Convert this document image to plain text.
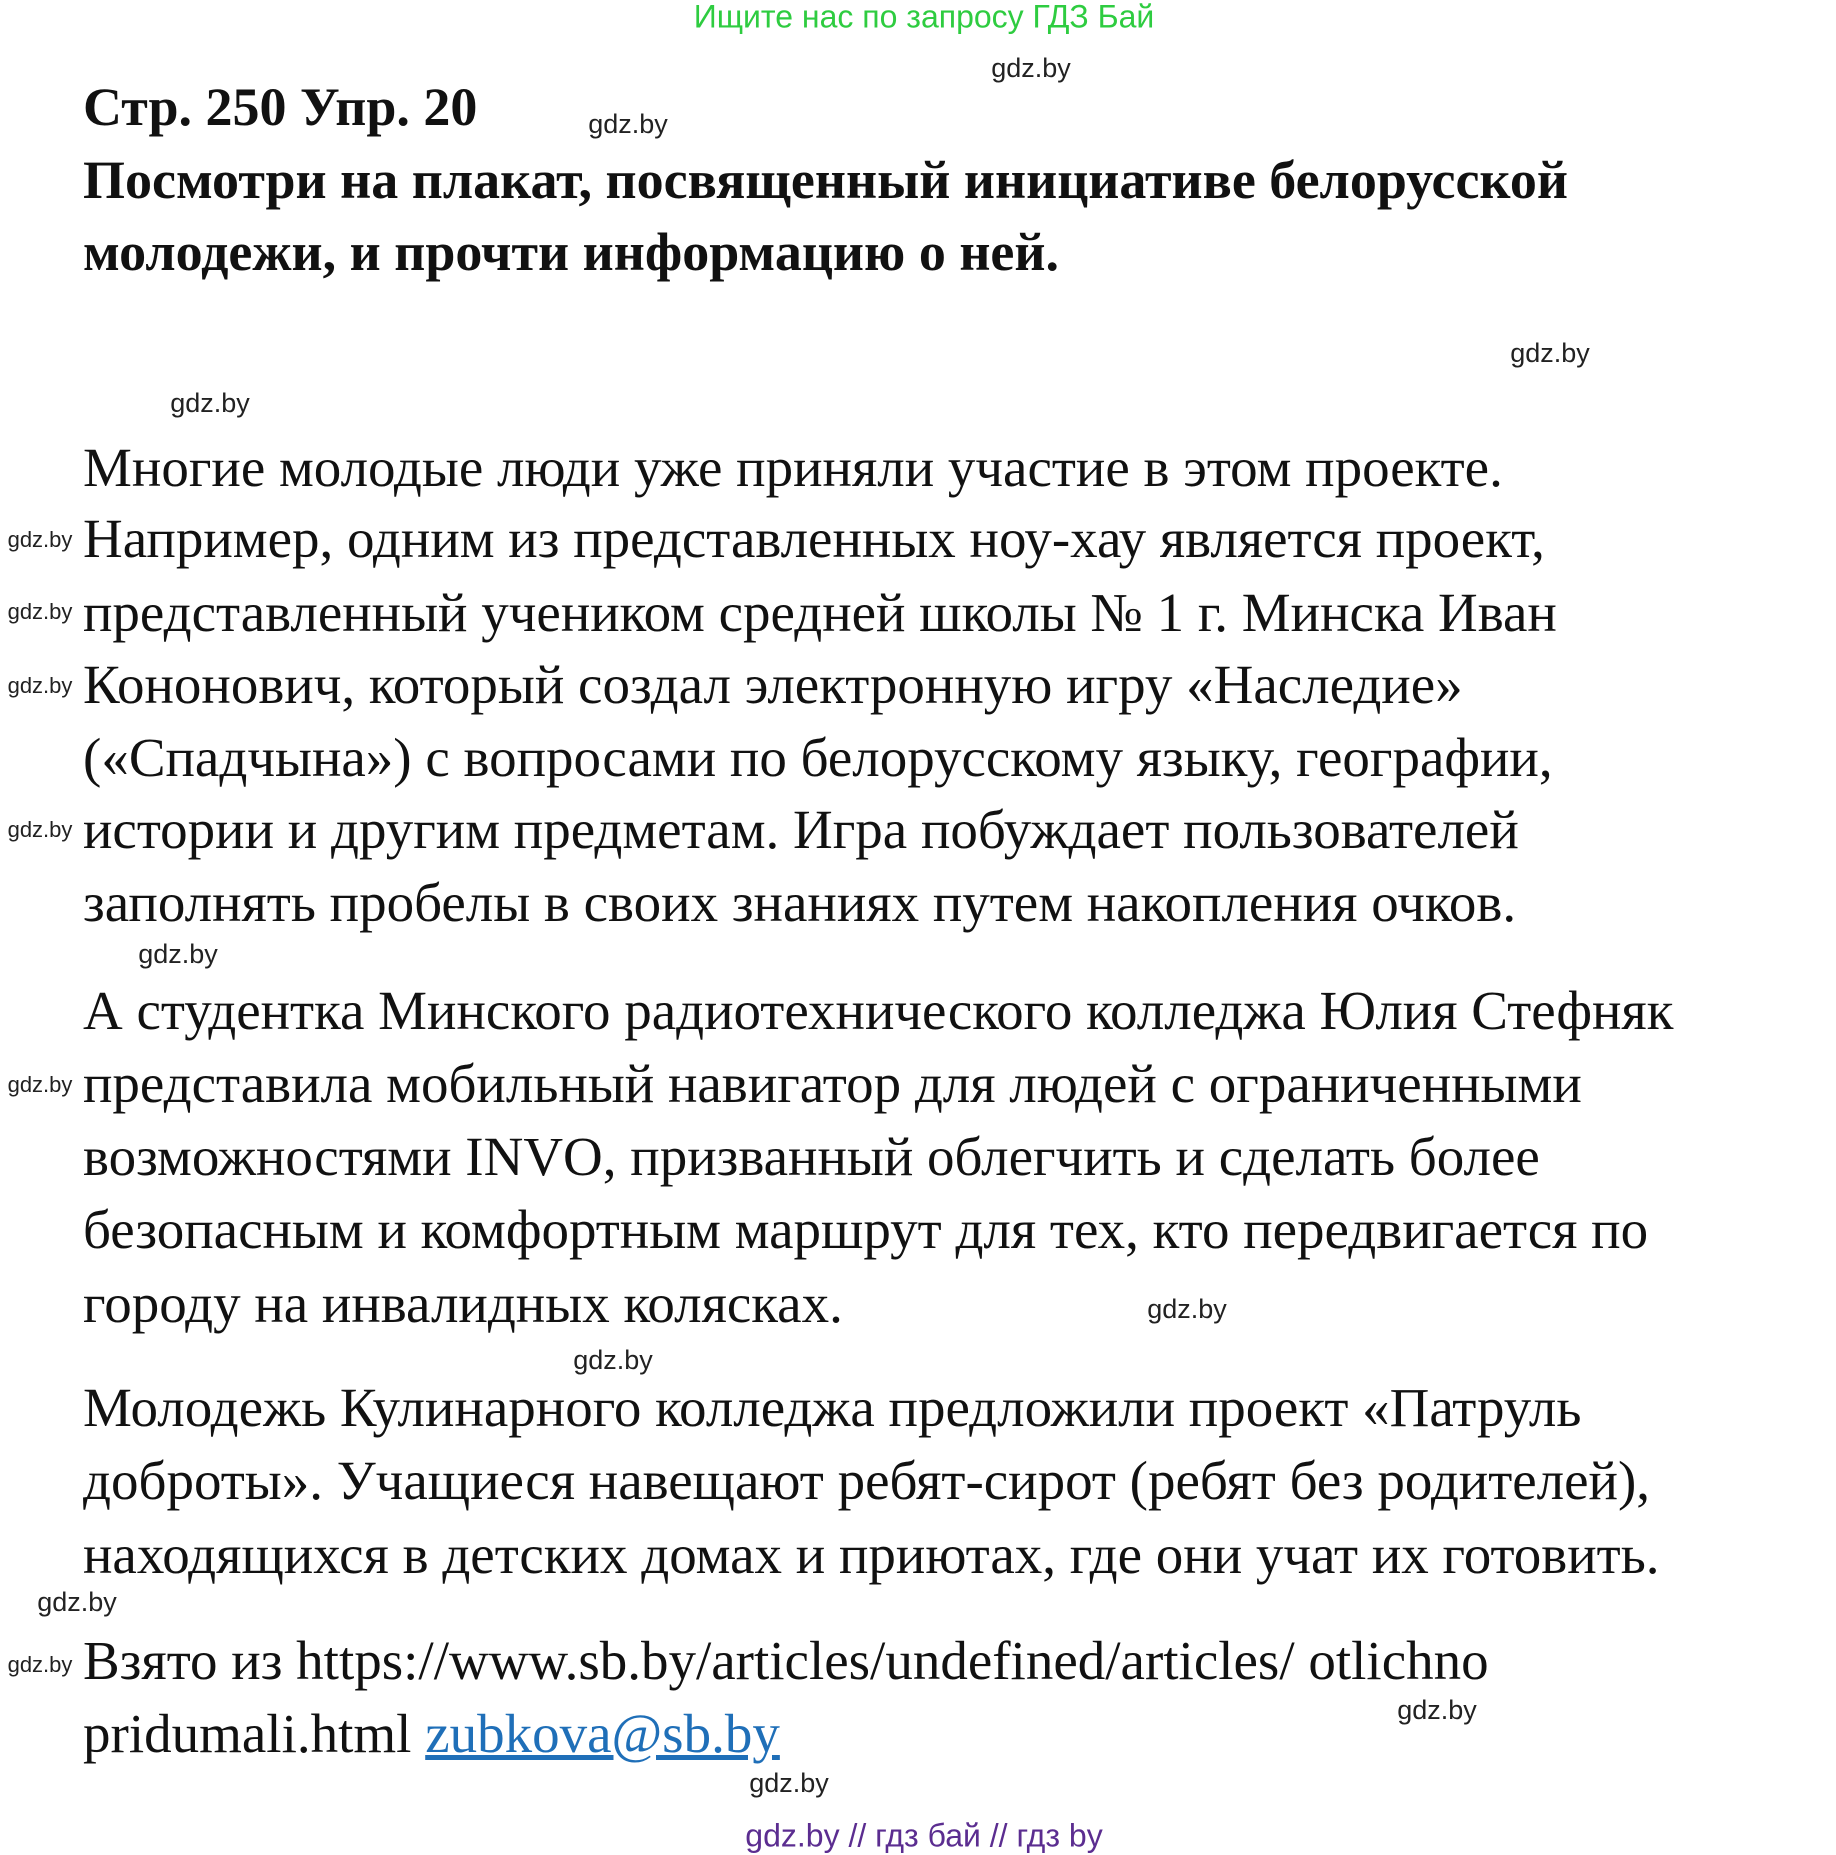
Ищите нас по запросу ГДЗ Бай
Стр. 250 Упр. 20
Посмотри на плакат, посвященный инициативе белорусской
молодежи, и прочти информацию о ней.
Многие молодые люди уже приняли участие в этом проекте.
Например, одним из представленных ноу-хау является проект,
представленный учеником средней школы № 1 г. Минска Иван
Кононович, который создал электронную игру «Наследие»
(«Спадчына») с вопросами по белорусскому языку, географии,
истории и другим предметам. Игра побуждает пользователей
заполнять пробелы в своих знаниях путем накопления очков.
А студентка Минского радиотехнического колледжа Юлия Стефняк
представила мобильный навигатор для людей с ограниченными
возможностями INVO, призванный облегчить и сделать более
безопасным и комфортным маршрут для тех, кто передвигается по
городу на инвалидных колясках.
Молодежь Кулинарного колледжа предложили проект «Патруль
доброты». Учащиеся навещают ребят-сирот (ребят без родителей),
находящихся в детских домах и приютах, где они учат их готовить.
Взято из https://www.sb.by/articles/undefined/articles/ otlichno
pridumali.html zubkova@sb.by
gdz.by
gdz.by
gdz.by
gdz.by
gdz.by
gdz.by
gdz.by
gdz.by
gdz.by
gdz.by
gdz.by
gdz.by
gdz.by
gdz.by
gdz.by
gdz.by
gdz.by // гдз бай // гдз by
